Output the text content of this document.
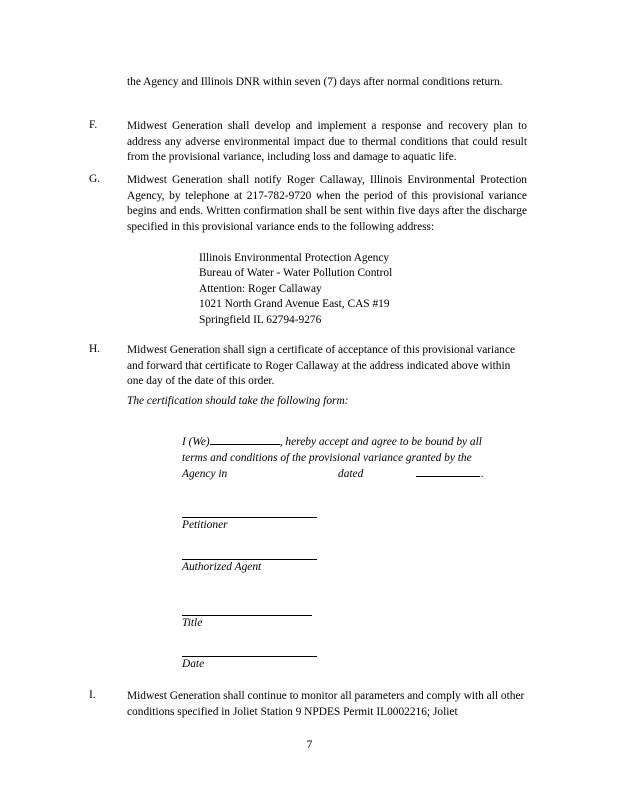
the Agency and Illinois DNR within seven (7) days after normal conditions return.
F.	Midwest Generation shall develop and implement a response and recovery plan to address any adverse environmental impact due to thermal conditions that could result from the provisional variance, including loss and damage to aquatic life.
G. Midwest Generation shall notify Roger Callaway, Illinois Environmental Protection Agency, by telephone at 217-782-9720 when the period of this provisional variance begins and ends. Written confirmation shall be sent within five days after the discharge specified in this provisional variance ends to the following address:
Illinois Environmental Protection Agency
Bureau of Water - Water Pollution Control
Attention: Roger Callaway
1021 North Grand Avenue East, CAS #19
Springfield IL 62794-9276
H. Midwest Generation shall sign a certificate of acceptance of this provisional variance and forward that certificate to Roger Callaway at the address indicated above within one day of the date of this order.
The certification should take the following form:
I (We)	, hereby accept and agree to be bound by all
terms and conditions of the provisional variance granted by the
Agency in	dated	.
Petitioner
Authorized Agent
Title
Date
I.	Midwest Generation shall continue to monitor all parameters and comply with all other conditions specified in Joliet Station 9 NPDES Permit IL0002216; Joliet
7
